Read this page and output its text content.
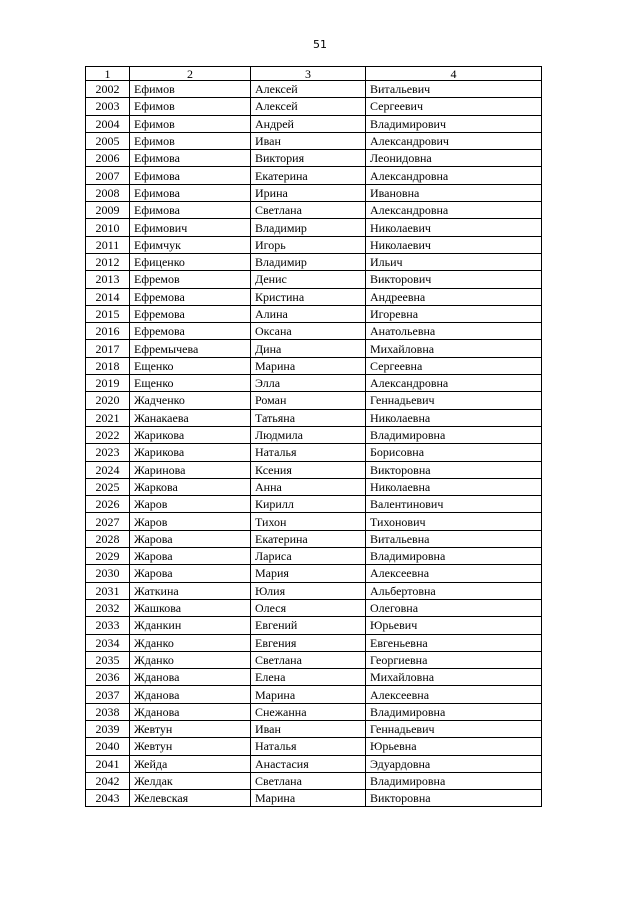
51
1	2	3	4
2002	Ефимов	Алексей	Витальевич
2003	Ефимов	Алексей	Сергеевич
2004	Ефимов	Андрей	Владимирович
2005	Ефимов	Иван	Александрович
2006	Ефимова	Виктория	Леонидовна
2007	Ефимова	Екатерина	Александровна
2008	Ефимова	Ирина	Ивановна
2009	Ефимова	Светлана	Александровна
2010	Ефимович	Владимир	Николаевич
2011	Ефимчук	Игорь	Николаевич
2012	Ефиценко	Владимир	Ильич
2013	Ефремов	Денис	Викторович
2014	Ефремова	Кристина	Андреевна
2015	Ефремова	Алина	Игоревна
2016	Ефремова	Оксана	Анатольевна
2017	Ефремычева	Дина	Михайловна
2018	Ещенко	Марина	Сергеевна
2019	Ещенко	Элла	Александровна
2020	Жадченко	Роман	Геннадьевич
2021	Жанакаева	Татьяна	Николаевна
2022	Жарикова	Людмила	Владимировна
2023	Жарикова	Наталья	Борисовна
2024	Жаринова	Ксения	Викторовна
2025	Жаркова	Анна	Николаевна
2026	Жаров	Кирилл	Валентинович
2027	Жаров	Тихон	Тихонович
2028	Жарова	Екатерина	Витальевна
2029	Жарова	Лариса	Владимировна
2030	Жарова	Мария	Алексеевна
2031	Жаткина	Юлия	Альбертовна
2032	Жашкова	Олеся	Олеговна
2033	Жданкин	Евгений	Юрьевич
2034	Жданко	Евгения	Евгеньевна
2035	Жданко	Светлана	Георгиевна
2036	Жданова	Елена	Михайловна
2037	Жданова	Марина	Алексеевна
2038	Жданова	Снежанна	Владимировна
2039	Жевтун	Иван	Геннадьевич
2040	Жевтун	Наталья	Юрьевна
2041	Жейда	Анастасия	Эдуардовна
2042	Желдак	Светлана	Владимировна
2043	Желевская	Марина	Викторовна
